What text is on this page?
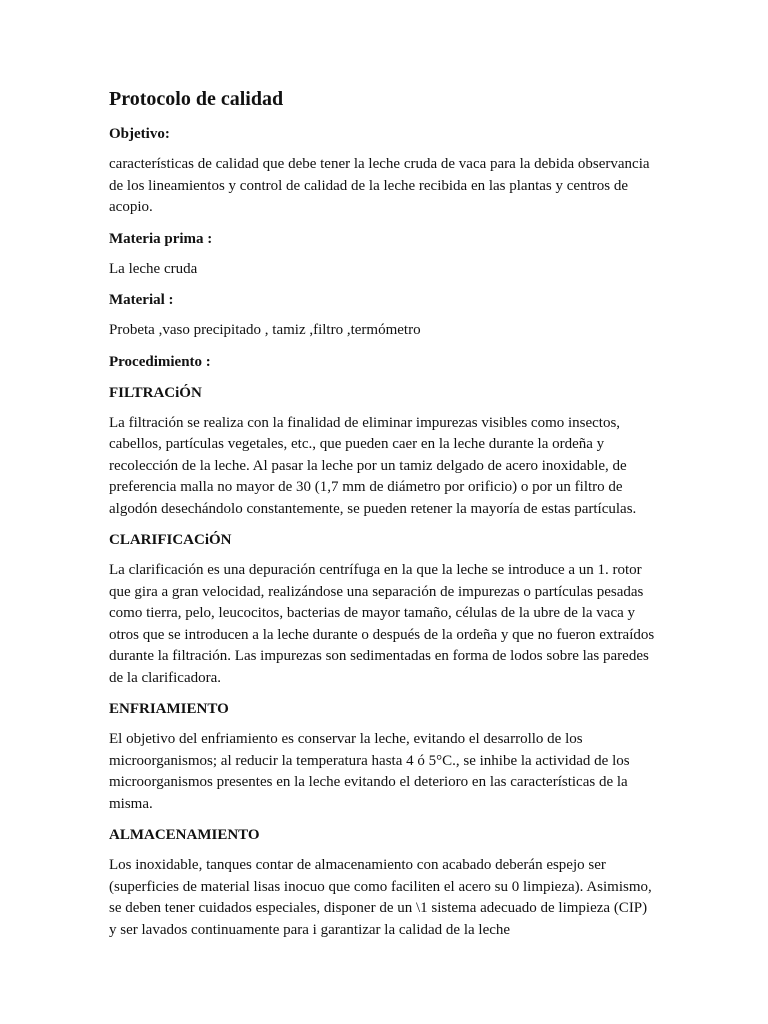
Protocolo de calidad
Objetivo:

características de calidad que debe tener la leche cruda de vaca para la debida observancia de los lineamientos y control de calidad de la leche recibida en las plantas y centros de acopio.

Materia prima :

La leche cruda

Material :

Probeta ,vaso precipitado , tamiz ,filtro ,termómetro

Procedimiento :
FILTRACiÓN

La filtración se realiza con la finalidad de eliminar impurezas visibles como insectos, cabellos, partículas vegetales, etc., que pueden caer en la leche durante la ordeña y recolección de la leche. Al pasar la leche por un tamiz delgado de acero inoxidable, de preferencia malla no mayor de 30 (1,7 mm de diámetro por orificio) o por un filtro de algodón desechándolo constantemente, se pueden retener la mayoría de estas partículas.

CLARIFICACiÓN

La clarificación es una depuración centrífuga en la que la leche se introduce a un 1. rotor que gira a gran velocidad, realizándose una separación de impurezas o partículas pesadas como tierra, pelo, leucocitos, bacterias de mayor tamaño, células de la ubre de la vaca y otros que se introducen a la leche durante o después de la ordeña y que no fueron extraídos durante la filtración. Las impurezas son sedimentadas en forma de lodos sobre las paredes de la clarificadora.

ENFRIAMIENTO

El objetivo del enfriamiento es conservar la leche, evitando el desarrollo de los microorganismos; al reducir la temperatura hasta 4 ó 5°C., se inhibe la actividad de los microorganismos presentes en la leche evitando el deterioro en las características de la misma.

ALMACENAMIENTO

Los inoxidable, tanques contar de almacenamiento con acabado deberán espejo ser (superficies de material lisas inocuo que como faciliten el acero su 0 limpieza). Asimismo, se deben tener cuidados especiales, disponer de un \1 sistema adecuado de limpieza (CIP) y ser lavados continuamente para i garantizar la calidad de la leche
